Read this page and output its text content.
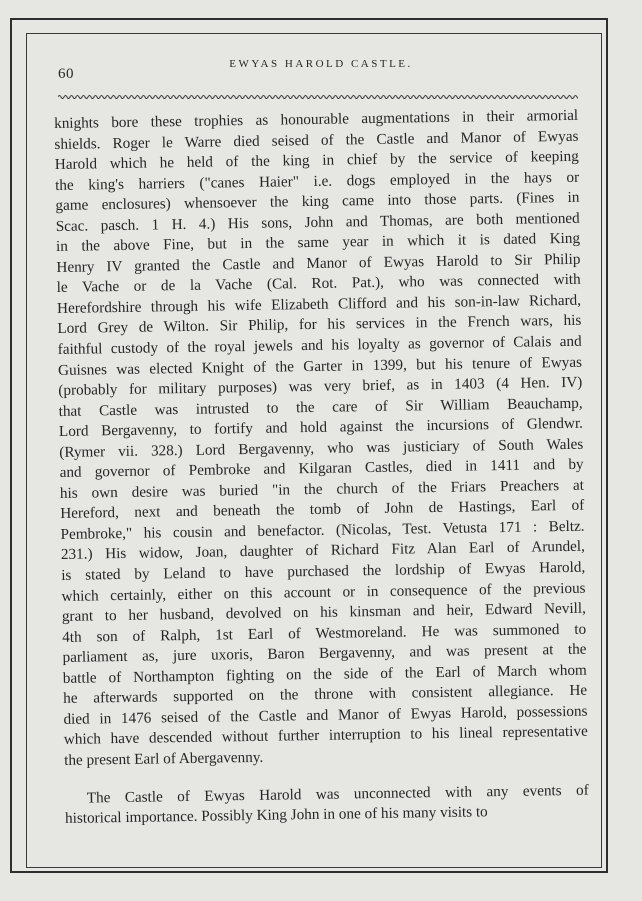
60
EWYAS HAROLD CASTLE.
knights bore these trophies as honourable augmentations in their armorial
shields. Roger le Warre died seised of the Castle and Manor of Ewyas
Harold which he held of the king in chief by the service of keeping
the king's harriers ("canes Haier" i.e. dogs employed in the hays or
game enclosures) whensoever the king came into those parts. (Fines in
Scac. pasch. 1 H. 4.) His sons, John and Thomas, are both mentioned
in the above Fine, but in the same year in which it is dated King
Henry IV granted the Castle and Manor of Ewyas Harold to Sir Philip
le Vache or de la Vache (Cal. Rot. Pat.), who was connected with
Herefordshire through his wife Elizabeth Clifford and his son-in-law Richard,
Lord Grey de Wilton. Sir Philip, for his services in the French wars, his
faithful custody of the royal jewels and his loyalty as governor of Calais and
Guisnes was elected Knight of the Garter in 1399, but his tenure of Ewyas
(probably for military purposes) was very brief, as in 1403 (4 Hen. IV)
that Castle was intrusted to the care of Sir William Beauchamp,
Lord Bergavenny, to fortify and hold against the incursions of Glendwr.
(Rymer vii. 328.) Lord Bergavenny, who was justiciary of South Wales
and governor of Pembroke and Kilgaran Castles, died in 1411 and by
his own desire was buried "in the church of the Friars Preachers at
Hereford, next and beneath the tomb of John de Hastings, Earl of
Pembroke," his cousin and benefactor. (Nicolas, Test. Vetusta 171 : Beltz.
231.) His widow, Joan, daughter of Richard Fitz Alan Earl of Arundel,
is stated by Leland to have purchased the lordship of Ewyas Harold,
which certainly, either on this account or in consequence of the previous
grant to her husband, devolved on his kinsman and heir, Edward Nevill,
4th son of Ralph, 1st Earl of Westmoreland. He was summoned to
parliament as, jure uxoris, Baron Bergavenny, and was present at the
battle of Northampton fighting on the side of the Earl of March whom
he afterwards supported on the throne with consistent allegiance. He
died in 1476 seised of the Castle and Manor of Ewyas Harold, possessions
which have descended without further interruption to his lineal representative
the present Earl of Abergavenny.
The Castle of Ewyas Harold was unconnected with any events of
historical importance. Possibly King John in one of his many visits to
